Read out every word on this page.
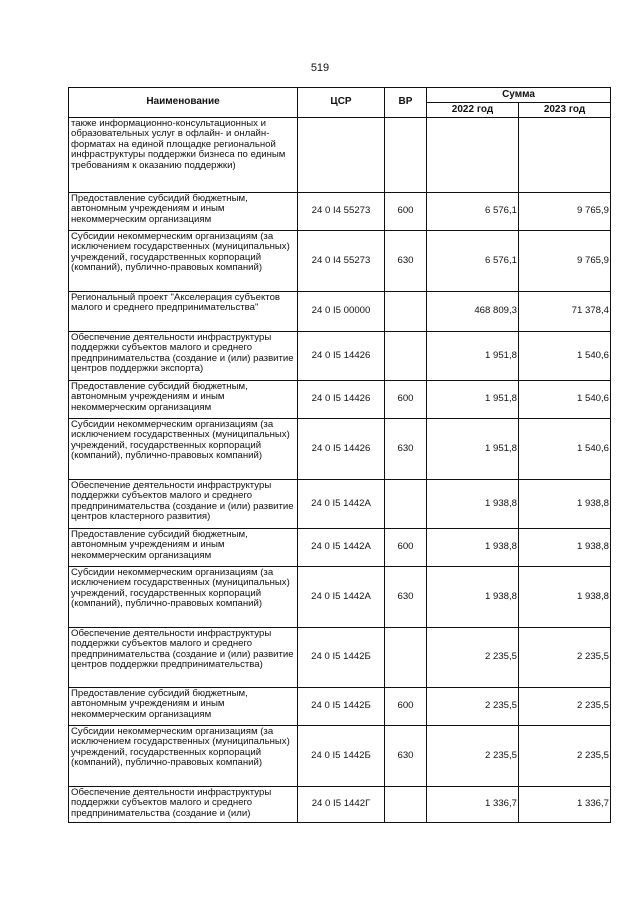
519
Наименование	ЦСР	ВР	Сумма	
			2022 год	2023 год
также информационно-консультационных и образовательных услуг в офлайн- и онлайн-форматах на единой площадке региональной инфраструктуры поддержки бизнеса по единым требованиям к оказанию поддержки)				
Предоставление субсидий бюджетным, автономным учреждениям и иным некоммерческим организациям	24 0 I4 55273	600	6 576,1	9 765,9
Субсидии некоммерческим организациям (за исключением государственных (муниципальных) учреждений, государственных корпораций (компаний), публично-правовых компаний)	24 0 I4 55273	630	6 576,1	9 765,9
Региональный проект "Акселерация субъектов малого и среднего предпринимательства"	24 0 I5 00000		468 809,3	71 378,4
Обеспечение деятельности инфраструктуры поддержки субъектов малого и среднего предпринимательства (создание и (или) развитие центров поддержки экспорта)	24 0 I5 14426		1 951,8	1 540,6
Предоставление субсидий бюджетным, автономным учреждениям и иным некоммерческим организациям	24 0 I5 14426	600	1 951,8	1 540,6
Субсидии некоммерческим организациям (за исключением государственных (муниципальных) учреждений, государственных корпораций (компаний), публично-правовых компаний)	24 0 I5 14426	630	1 951,8	1 540,6
Обеспечение деятельности инфраструктуры поддержки субъектов малого и среднего предпринимательства (создание и (или) развитие центров кластерного развития)	24 0 I5 1442А		1 938,8	1 938,8
Предоставление субсидий бюджетным, автономным учреждениям и иным некоммерческим организациям	24 0 I5 1442А	600	1 938,8	1 938,8
Субсидии некоммерческим организациям (за исключением государственных (муниципальных) учреждений, государственных корпораций (компаний), публично-правовых компаний)	24 0 I5 1442А	630	1 938,8	1 938,8
Обеспечение деятельности инфраструктуры поддержки субъектов малого и среднего предпринимательства (создание и (или) развитие центров поддержки предпринимательства)	24 0 I5 1442Б		2 235,5	2 235,5
Предоставление субсидий бюджетным, автономным учреждениям и иным некоммерческим организациям	24 0 I5 1442Б	600	2 235,5	2 235,5
Субсидии некоммерческим организациям (за исключением государственных (муниципальных) учреждений, государственных корпораций (компаний), публично-правовых компаний)	24 0 I5 1442Б	630	2 235,5	2 235,5
Обеспечение деятельности инфраструктуры поддержки субъектов малого и среднего предпринимательства (создание и (или)	24 0 I5 1442Г		1 336,7	1 336,7
